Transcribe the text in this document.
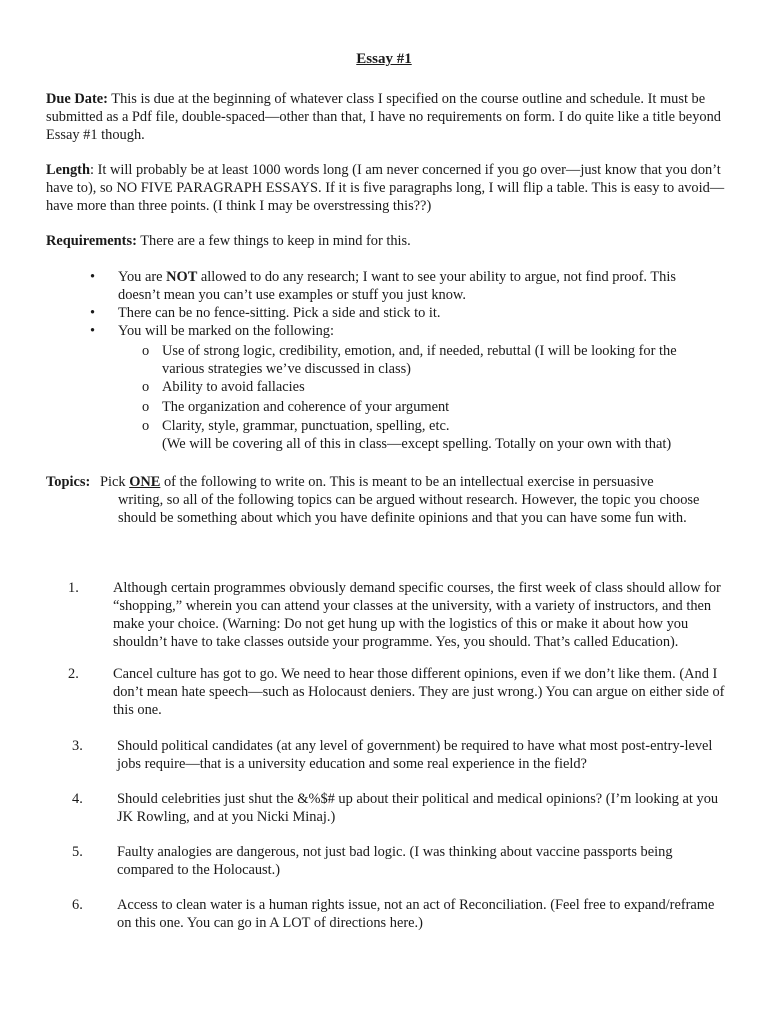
Essay #1
Due Date: This is due at the beginning of whatever class I specified on the course outline and schedule. It must be submitted as a Pdf file, double-spaced—other than that, I have no requirements on form. I do quite like a title beyond Essay #1 though.
Length: It will probably be at least 1000 words long (I am never concerned if you go over—just know that you don’t have to), so NO FIVE PARAGRAPH ESSAYS. If it is five paragraphs long, I will flip a table. This is easy to avoid—have more than three points. (I think I may be overstressing this??)
Requirements: There are a few things to keep in mind for this.
• You are NOT allowed to do any research; I want to see your ability to argue, not find proof. This doesn’t mean you can’t use examples or stuff you just know.
• There can be no fence-sitting. Pick a side and stick to it.
• You will be marked on the following:
o Use of strong logic, credibility, emotion, and, if needed, rebuttal (I will be looking for the various strategies we’ve discussed in class)
o Ability to avoid fallacies
o The organization and coherence of your argument
o Clarity, style, grammar, punctuation, spelling, etc.
(We will be covering all of this in class—except spelling. Totally on your own with that)
Topics: Pick ONE of the following to write on. This is meant to be an intellectual exercise in persuasive
writing, so all of the following topics can be argued without research. However, the topic you choose should be something about which you have definite opinions and that you can have some fun with.
1. Although certain programmes obviously demand specific courses, the first week of class should allow for “shopping,” wherein you can attend your classes at the university, with a variety of instructors, and then make your choice. (Warning: Do not get hung up with the logistics of this or make it about how you shouldn’t have to take classes outside your programme. Yes, you should. That’s called Education).
2. Cancel culture has got to go. We need to hear those different opinions, even if we don’t like them. (And I don’t mean hate speech—such as Holocaust deniers. They are just wrong.) You can argue on either side of this one.
3. Should political candidates (at any level of government) be required to have what most post-entry-level jobs require—that is a university education and some real experience in the field?
4. Should celebrities just shut the &%$# up about their political and medical opinions? (I’m looking at you JK Rowling, and at you Nicki Minaj.)
5. Faulty analogies are dangerous, not just bad logic. (I was thinking about vaccine passports being compared to the Holocaust.)
6. Access to clean water is a human rights issue, not an act of Reconciliation. (Feel free to expand/reframe on this one. You can go in A LOT of directions here.)
